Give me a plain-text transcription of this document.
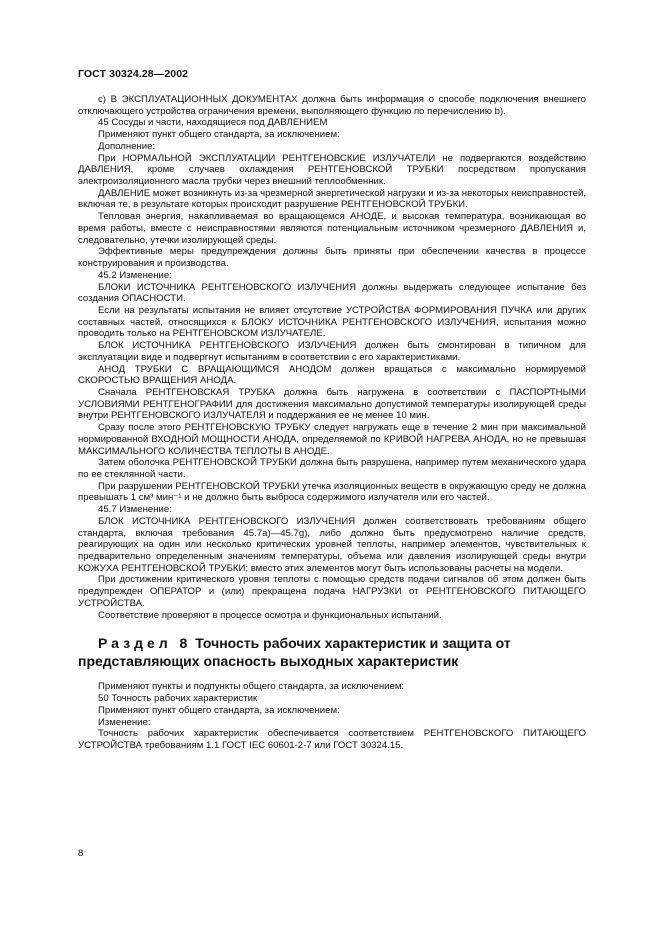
ГОСТ 30324.28—2002

с) В ЭКСПЛУАТАЦИОННЫХ ДОКУМЕНТАХ должна быть информация о способе подключения внешнего отключающего устройства ограничения времени, выполняющего функцию по перечислению b).

45 Сосуды и части, находящиеся под ДАВЛЕНИЕМ

Применяют пункт общего стандарта, за исключением:

Дополнение:

При НОРМАЛЬНОЙ ЭКСПЛУАТАЦИИ РЕНТГЕНОВСКИЕ ИЗЛУЧАТЕЛИ не подвергаются воздействию ДАВЛЕНИЯ, кроме случаев охлаждения РЕНТГЕНОВСКОЙ ТРУБКИ посредством пропускания электроизоляционного масла трубки через внешний теплообменник.

ДАВЛЕНИЕ может возникнуть из-за чрезмерной энергетической нагрузки и из-за некоторых неисправностей, включая те, в результате которых происходит разрушение РЕНТГЕНОВСКОЙ ТРУБКИ.

Тепловая энергия, накапливаемая во вращающемся АНОДЕ, и высокая температура, возникающая во время работы, вместе с неисправностями являются потенциальным источником чрезмерного ДАВЛЕНИЯ и, следовательно, утечки изолирующей среды.

Эффективные меры предупреждения должны быть приняты при обеспечении качества в процессе конструирования и производства.

45.2 Изменение:

БЛОКИ ИСТОЧНИКА РЕНТГЕНОВСКОГО ИЗЛУЧЕНИЯ должны выдержать следующее испытание без создания ОПАСНОСТИ.

Если на результаты испытания не влияет отсутствие УСТРОЙСТВА ФОРМИРОВАНИЯ ПУЧКА или других составных частей, относящихся к БЛОКУ ИСТОЧНИКА РЕНТГЕНОВСКОГО ИЗЛУЧЕНИЯ, испытания можно проводить только на РЕНТГЕНОВСКОМ ИЗЛУЧАТЕЛЕ.

БЛОК ИСТОЧНИКА РЕНТГЕНОВСКОГО ИЗЛУЧЕНИЯ должен быть смонтирован в типичном для эксплуатации виде и подвергнут испытаниям в соответствии с его характеристиками.

АНОД ТРУБКИ С ВРАЩАЮЩИМСЯ АНОДОМ должен вращаться с максимально нормируемой СКОРОСТЬЮ ВРАЩЕНИЯ АНОДА.

Сначала РЕНТГЕНОВСКАЯ ТРУБКА должна быть нагружена в соответствии с ПАСПОРТНЫМИ УСЛОВИЯМИ РЕНТГЕНОГРАФИИ для достижения максимально допустимой температуры изолирующей среды внутри РЕНТГЕНОВСКОГО ИЗЛУЧАТЕЛЯ и поддержания ее не менее 10 мин.

Сразу после этого РЕНТГЕНОВСКУЮ ТРУБКУ следует нагружать еще в течение 2 мин при максимальной нормированной ВХОДНОЙ МОЩНОСТИ АНОДА, определяемой по КРИВОЙ НАГРЕВА АНОДА, но не превышая МАКСИМАЛЬНОГО КОЛИЧЕСТВА ТЕПЛОТЫ В АНОДЕ.

Затем оболочка РЕНТГЕНОВСКОЙ ТРУБКИ должна быть разрушена, например путем механического удара по ее стеклянной части.

При разрушении РЕНТГЕНОВСКОЙ ТРУБКИ утечка изоляционных веществ в окружающую среду не должна превышать 1 см³ мин⁻¹ и не должно быть выброса содержимого излучателя или его частей.

45.7 Изменение:

БЛОК ИСТОЧНИКА РЕНТГЕНОВСКОГО ИЗЛУЧЕНИЯ должен соответствовать требованиям общего стандарта, включая требования 45.7a)—45.7g), либо должно быть предусмотрено наличие средств, реагирующих на один или несколько критических уровней теплоты, например элементов, чувствительных к предварительно определенным значениям температуры, объема или давления изолирующей среды внутри КОЖУХА РЕНТГЕНОВСКОЙ ТРУБКИ; вместо этих элементов могут быть использованы расчеты на модели.

При достижении критического уровня теплоты с помощью средств подачи сигналов об этом должен быть предупрежден ОПЕРАТОР и (или) прекращена подача НАГРУЗКИ от РЕНТГЕНОВСКОГО ПИТАЮЩЕГО УСТРОЙСТВА.

Соответствие проверяют в процессе осмотра и функциональных испытаний.

Раздел 8 Точность рабочих характеристик и защита от представляющих опасность выходных характеристик

Применяют пункты и подпункты общего стандарта, за исключением:

50 Точность рабочих характеристик

Применяют пункт общего стандарта, за исключением:

Изменение:

Точность рабочих характеристик обеспечивается соответствием РЕНТГЕНОВСКОГО ПИТАЮЩЕГО УСТРОЙСТВА требованиям 1.1 ГОСТ IEC 60601-2-7 или ГОСТ 30324.15.

8
